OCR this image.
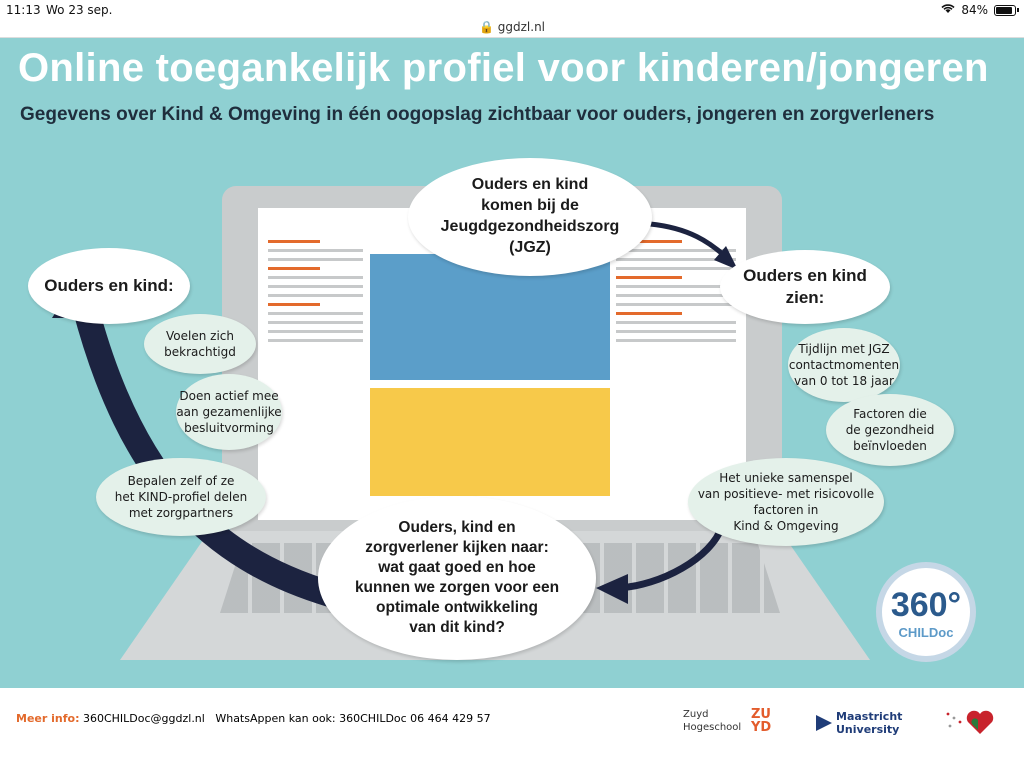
11:13 Wo 23 sep.	84%
🔒 ggdzl.nl
Online toegankelijk profiel voor kinderen/jongeren
Gegevens over Kind & Omgeving in één oogopslag zichtbaar voor ouders, jongeren en zorgverleners
Ouders en kind
komen bij de
Jeugdgezondheidszorg
(JGZ)
Ouders en kind:
Voelen zich
bekrachtigd
Doen actief mee
aan gezamenlijke
besluitvorming
Bepalen zelf of ze
het KIND-profiel delen
met zorgpartners
Ouders en kind
zien:
Tijdlijn met JGZ
contactmomenten
van 0 tot 18 jaar
Factoren die
de gezondheid
beïnvloeden
Het unieke samenspel
van positieve- met risicovolle
factoren in
Kind & Omgeving
Ouders, kind en
zorgverlener kijken naar:
wat gaat goed en hoe
kunnen we zorgen voor een
optimale ontwikkeling
van dit kind?
360°
CHILDoc
Meer info: 360CHILDoc@ggdzl.nl WhatsAppen kan ook: 360CHILDoc 06 464 429 57	Zuyd
Hogeschool
ZU
YD
Maastricht
University
